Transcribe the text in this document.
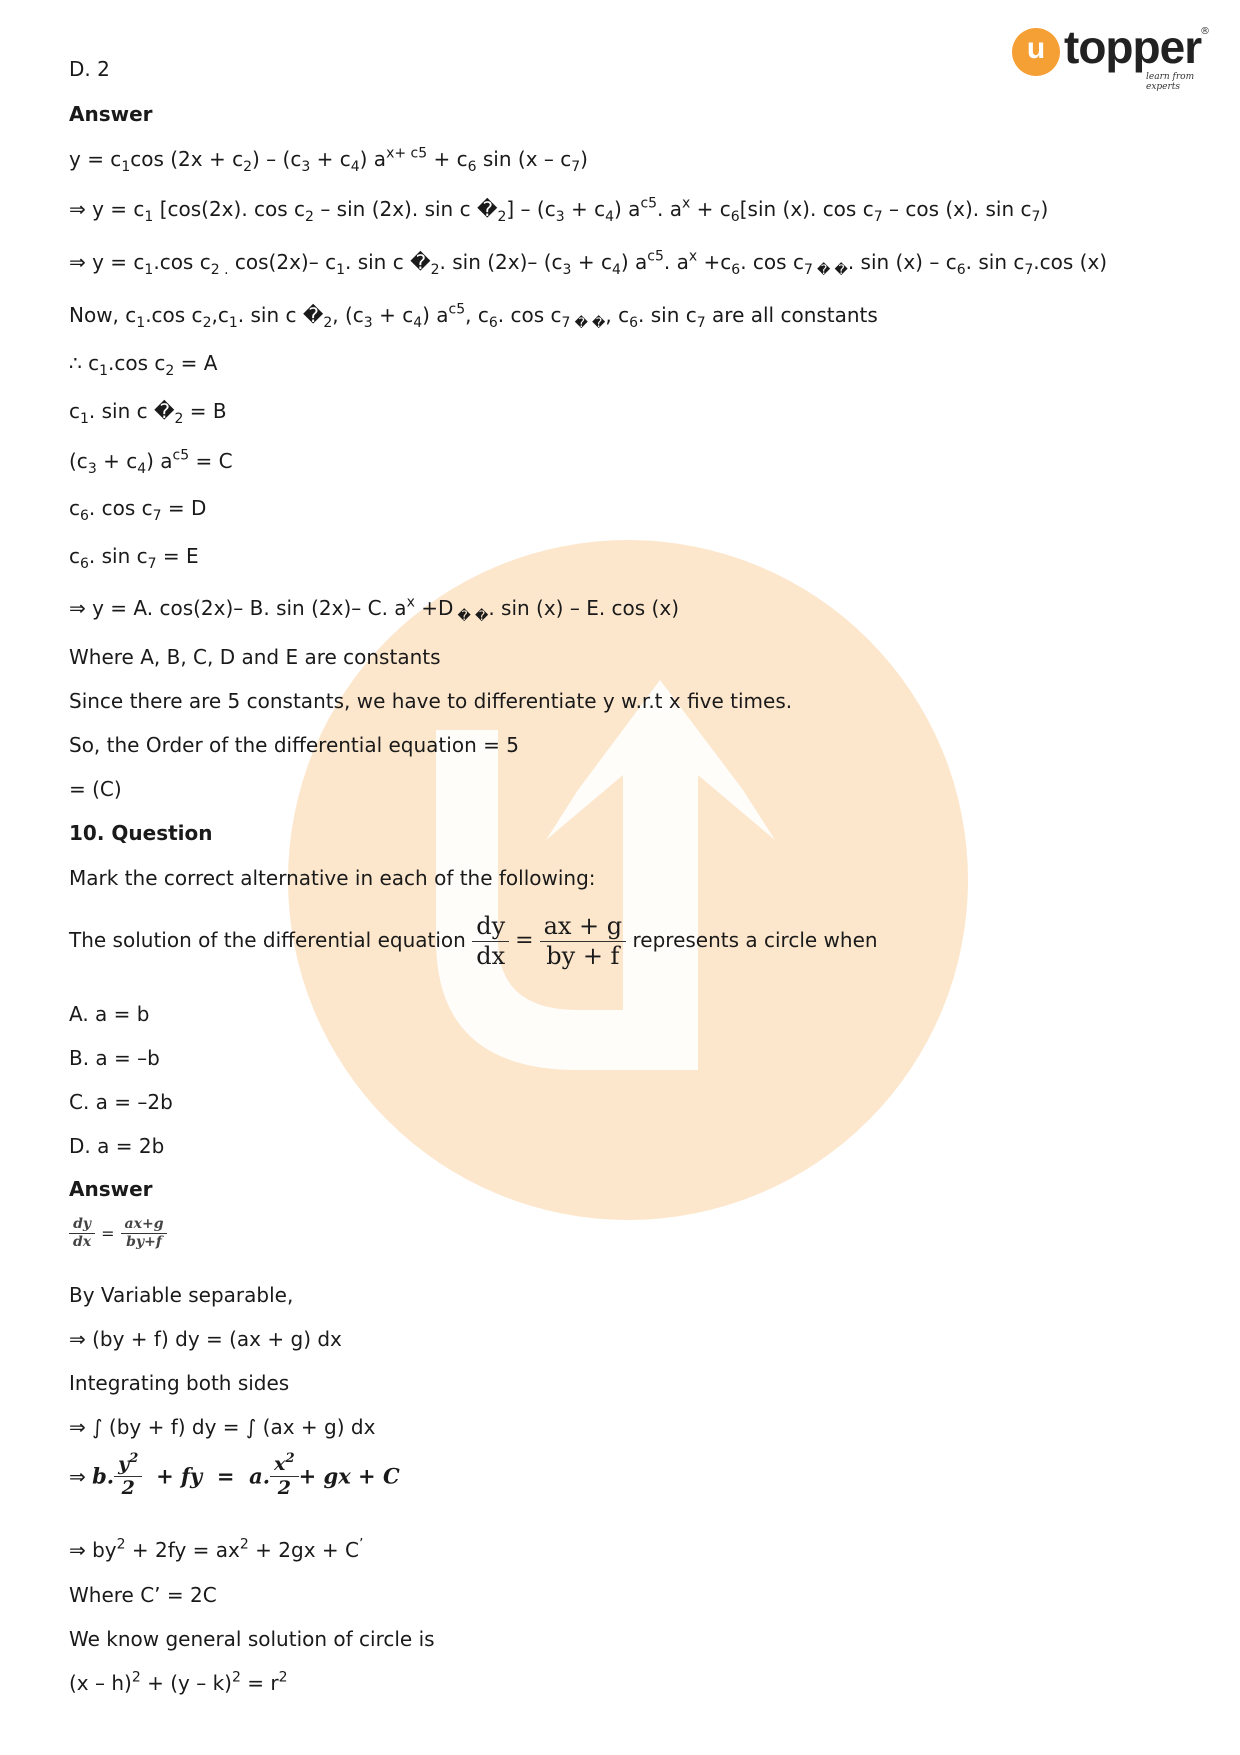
u topper
®
learn from experts
D. 2
Answer
$y = c_1\cos$ $(2x + c_2) - (c_3 + c_4)$ $a^{x+ c5} + c_6$ $\sin (x - c_7)$
⇒ $y = c_1$ [cos(2x). $\cos c_2$ – sin (2x). sin c $�_2] - (c_3 + c_4)$ $a^{c5}$. $a^x + c_6[\sin$ (x). $\cos c_7$ – cos (x). $\sin c_7$)
⇒ $y = c_1.\cos$ $c_{2 .}$ cos(2x)– $c_1$. sin c $�_2$. sin (2x)– $(c_3 + c_4)$ $a^{c5}$. $a^x +c_6$. $\cos c_7$ $_{� �}$. $\sin (x) - c_6$. $\sin c_7.\cos$ (x)
Now, $c_1.\cos$ $c_2,c_1$. sin c $�_2$, $(c_3 + c_4)$ $a^{c5}$, $c_6$. $\cos c_7$ $_{� �}$, $c_6$. $\sin c_7$ are all constants
∴ $c_1.\cos$ $c_2 = A$
$c_1$. sin c $�_2 = B$
$(c_3 + c_4) a^{c5} = C$
$c_6$. $\cos c_7 = D$
$c_6$. $\sin c_7 = E$
⇒ y = A. cos(2x)– B. sin (2x)– C. $a^x +D$ $_{� �}$. sin (x) – E. cos (x)
Where A, B, C, D and E are constants
Since there are 5 constants, we have to differentiate y w.r.t x five times.
So, the Order of the differential equation = 5
= (C)
10. Question
Mark the correct alternative in each of the following:
The solution of the differential equation $\frac{dy}{dx} = \frac{ax + g}{by + f}$ represents a circle when
A. a = b
B. a = –b
C. a = –2b
D. a = 2b
Answer
$\frac{dy}{dx} = \frac{ax+g}{by+f}$
By Variable separable,
⇒ (by + f) dy = (ax + g) dx
Integrating both sides
⇒ ∫ (by + f) dy = ∫ (ax + g) dx
⇒ b. $\frac{y^2}{2}$ + fy  =  a. $\frac{x^2}{2}$ + gx + C
⇒ $by^2 + 2fy = ax^2 + 2gx + C^’$
Where C’ = 2C
We know general solution of circle is
$(x - h)^2 + (y - k)^2 = r^2$
